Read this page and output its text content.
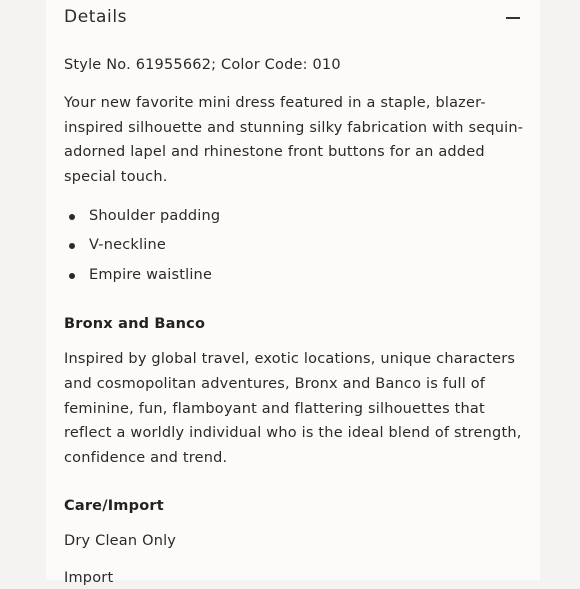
Details

Style No. 61955662; Color Code: 010

Your new favorite mini dress featured in a staple, blazer-inspired silhouette and stunning silky fabrication with sequin-adorned lapel and rhinestone front buttons for an added special touch.

Shoulder padding
V-neckline
Empire waistline

Bronx and Banco

Inspired by global travel, exotic locations, unique characters and cosmopolitan adventures, Bronx and Banco is full of feminine, fun, flamboyant and flattering silhouettes that reflect a worldly individual who is the ideal blend of strength, confidence and trend.

Care/Import

Dry Clean Only

Import
